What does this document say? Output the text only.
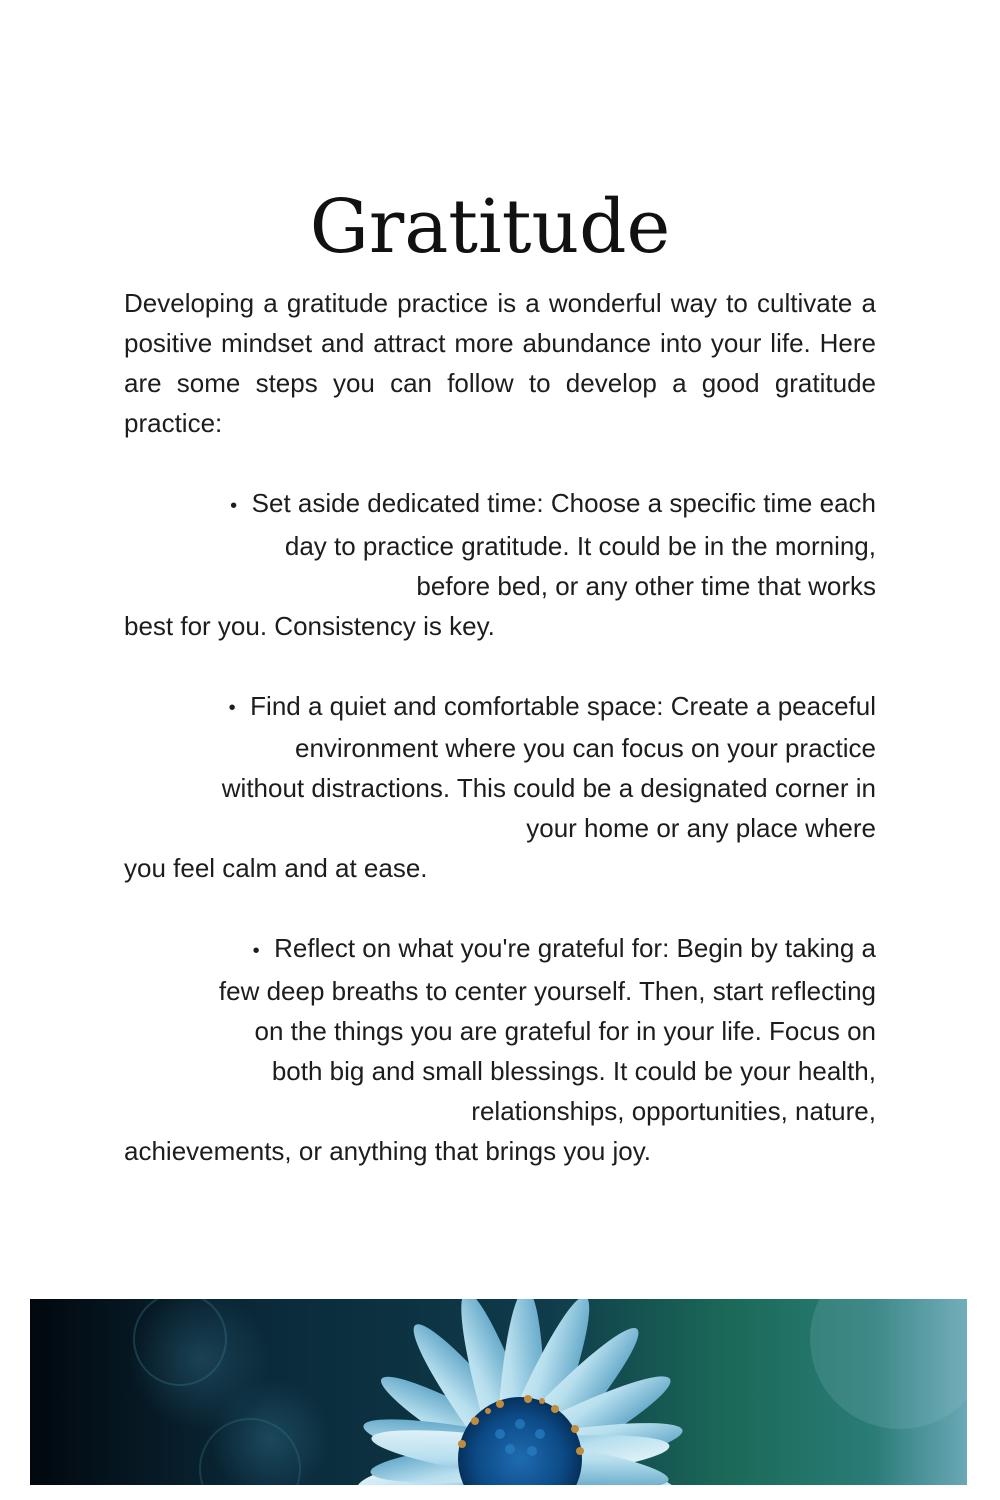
Gratitude

Developing a gratitude practice is a wonderful way to cultivate a positive mindset and attract more abundance into your life. Here are some steps you can follow to develop a good gratitude practice:

• Set aside dedicated time: Choose a specific time each
day to practice gratitude. It could be in the morning,
before bed, or any other time that works
best for you. Consistency is key.
• Find a quiet and comfortable space: Create a peaceful
environment where you can focus on your practice
without distractions. This could be a designated corner in
your home or any place where
you feel calm and at ease.
• Reflect on what you're grateful for: Begin by taking a
few deep breaths to center yourself. Then, start reflecting
on the things you are grateful for in your life. Focus on
both big and small blessings. It could be your health,
relationships, opportunities, nature,
achievements, or anything that brings you joy.
